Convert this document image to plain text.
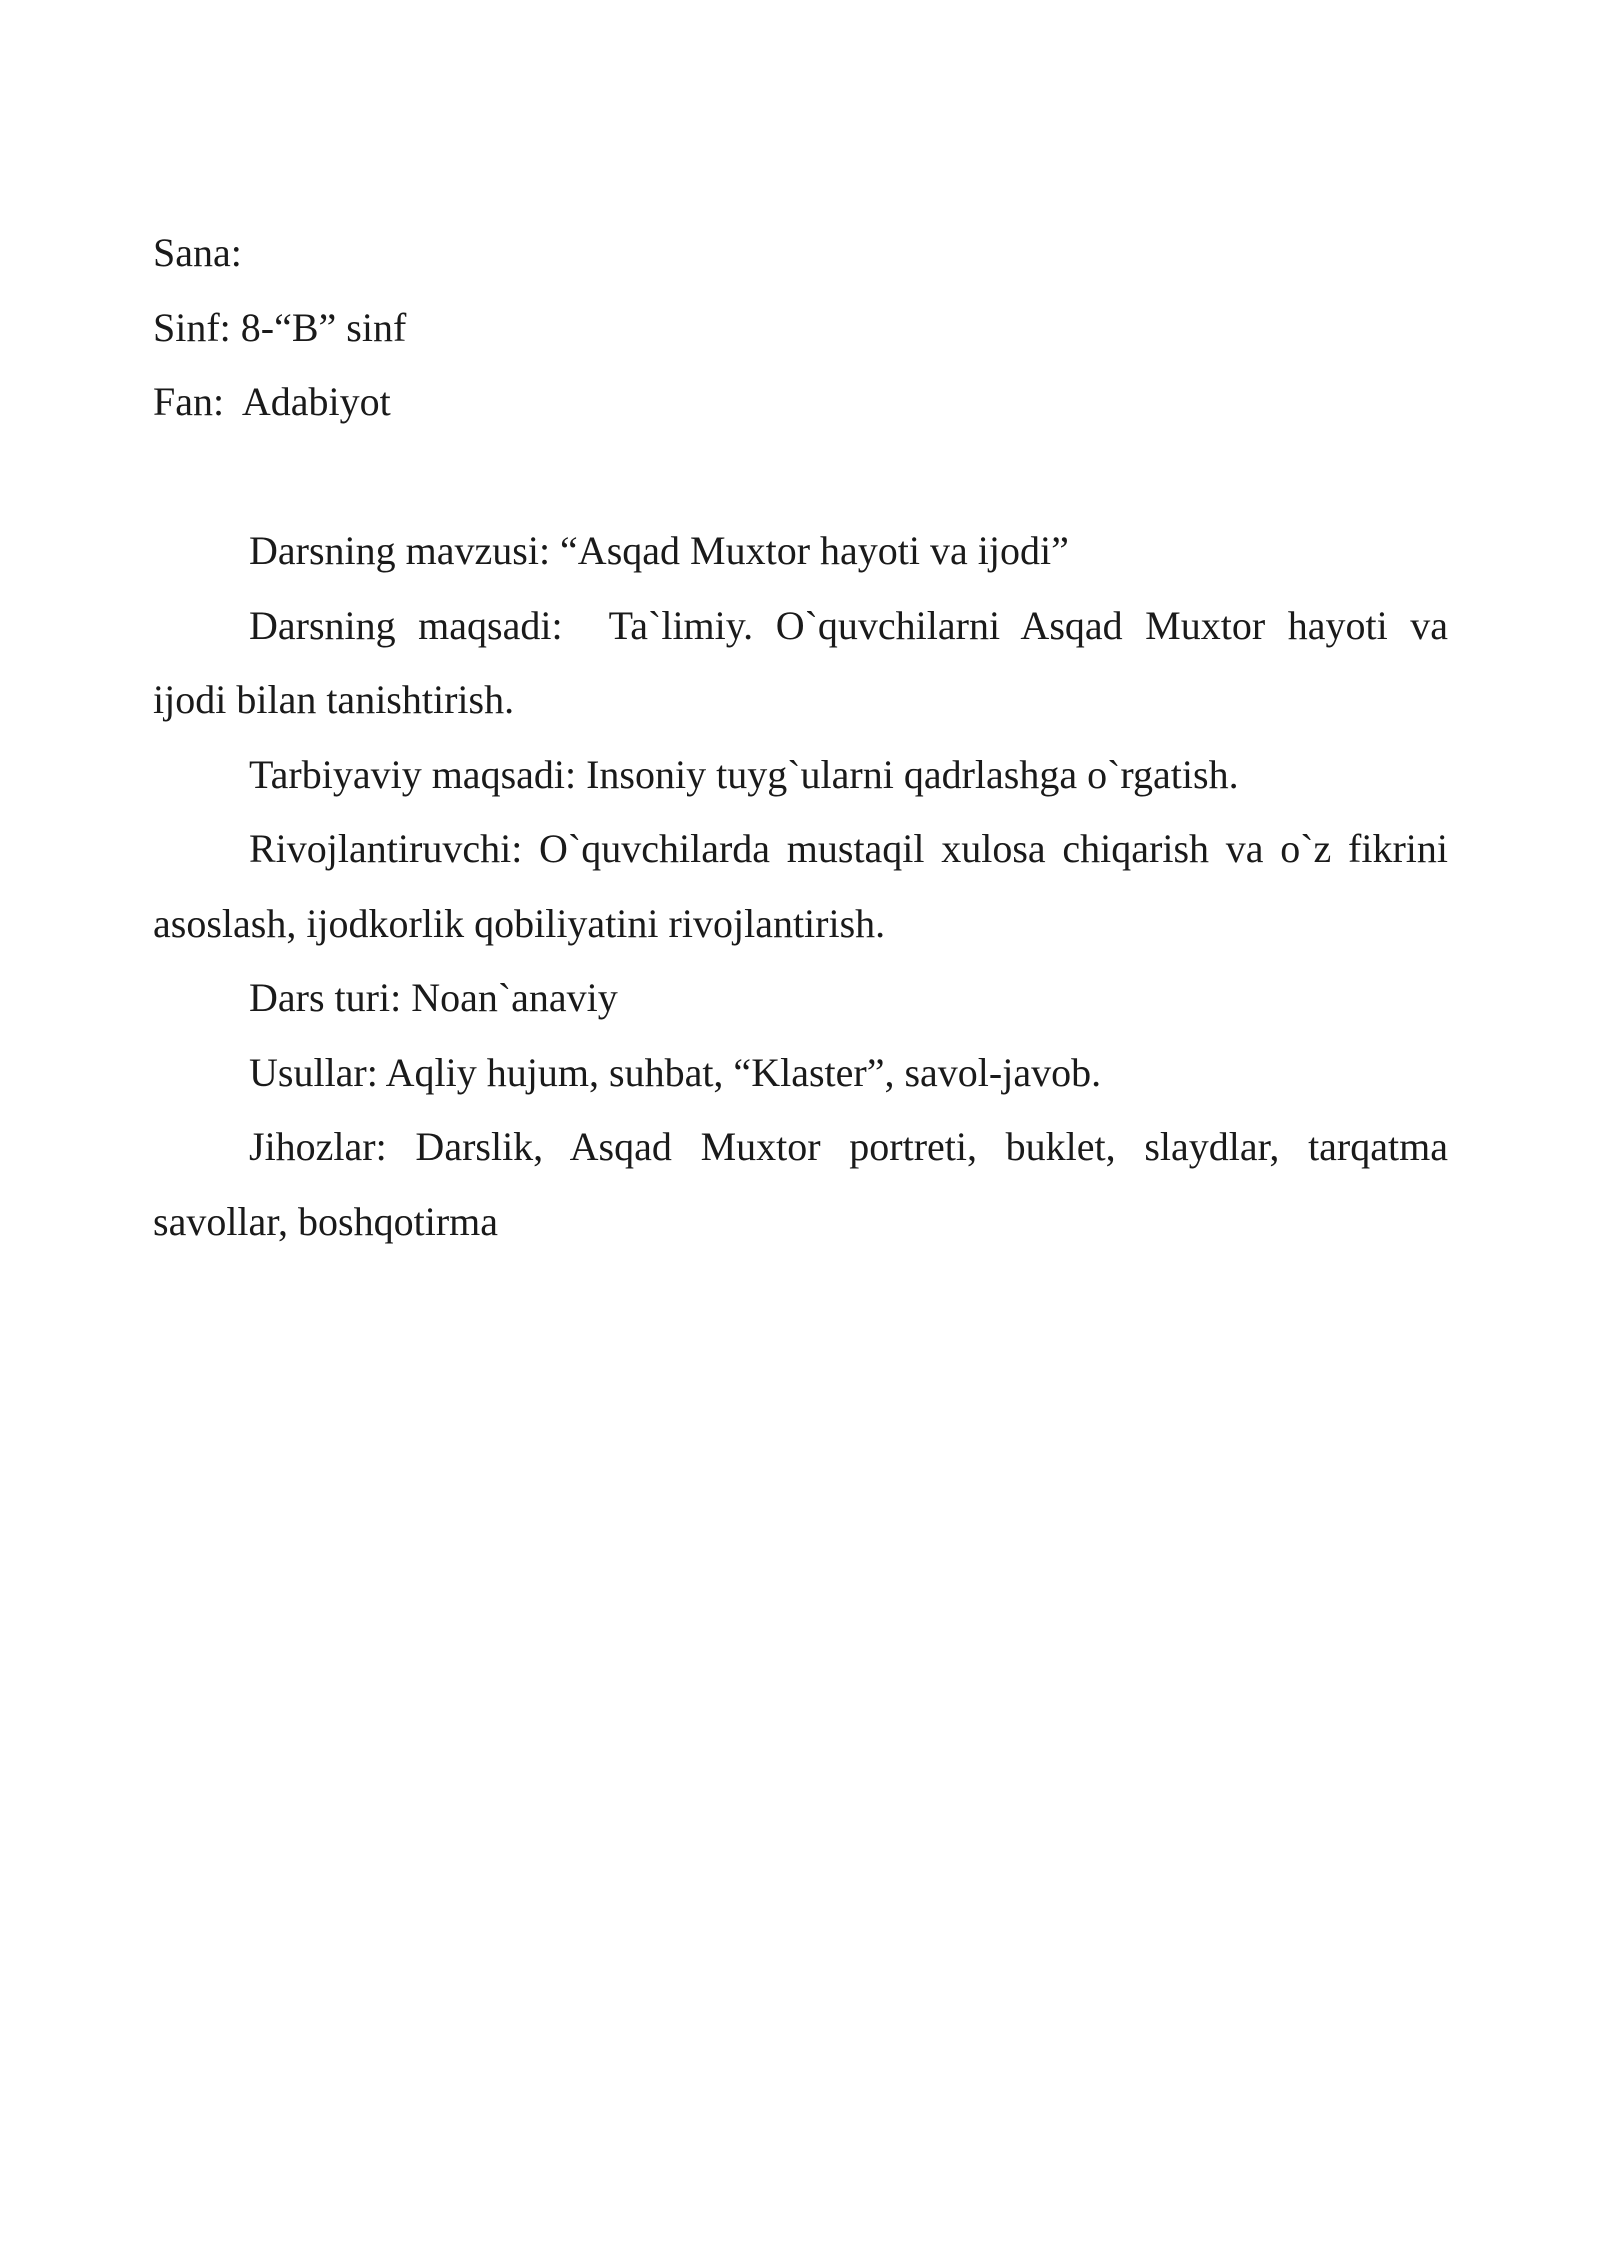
Sana:

Sinf: 8-“B” sinf

Fan:  Adabiyot

Darsning mavzusi: “Asqad Muxtor hayoti va ijodi”

Darsning maqsadi: Ta`limiy. O`quvchilarni Asqad Muxtor hayoti va ijodi bilan tanishtirish.

Tarbiyaviy maqsadi: Insoniy tuyg`ularni qadrlashga o`rgatish.

Rivojlantiruvchi: O`quvchilarda mustaqil xulosa chiqarish va o`z fikrini asoslash, ijodkorlik qobiliyatini rivojlantirish.

Dars turi: Noan`anaviy

Usullar: Aqliy hujum, suhbat, “Klaster”, savol-javob.

Jihozlar: Darslik, Asqad Muxtor portreti, buklet, slaydlar, tarqatma savollar, boshqotirma
